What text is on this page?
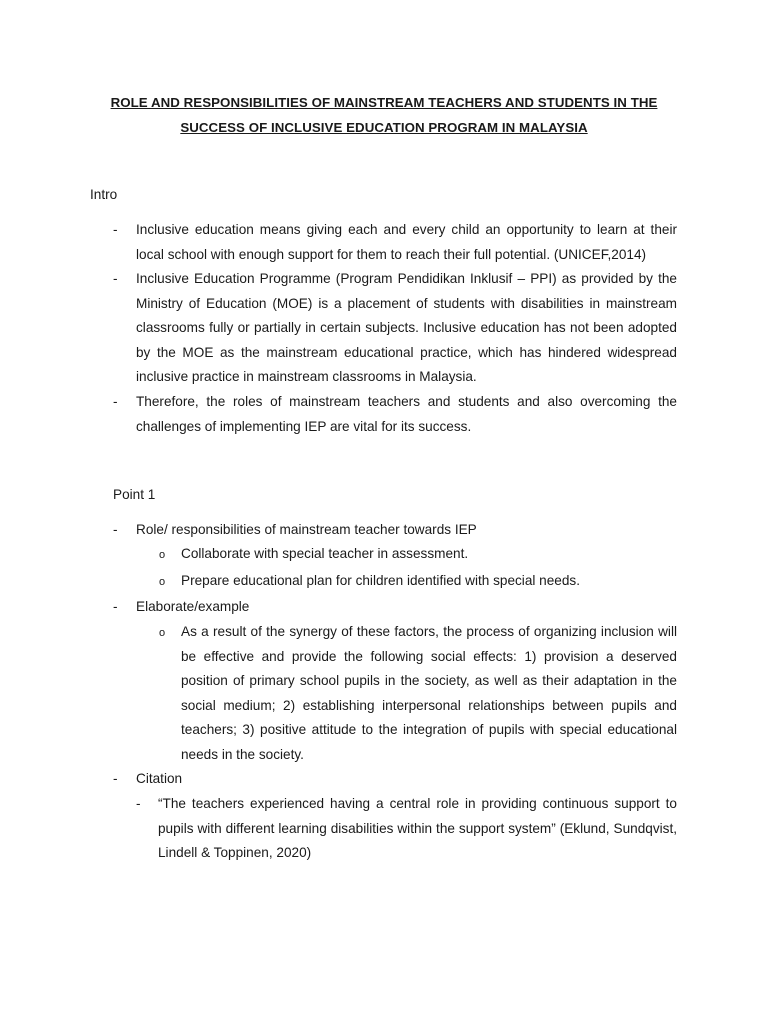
ROLE AND RESPONSIBILITIES OF MAINSTREAM TEACHERS AND STUDENTS IN THE SUCCESS OF INCLUSIVE EDUCATION PROGRAM IN MALAYSIA
Intro
- Inclusive education means giving each and every child an opportunity to learn at their local school with enough support for them to reach their full potential. (UNICEF,2014)
- Inclusive Education Programme (Program Pendidikan Inklusif – PPI) as provided by the Ministry of Education (MOE) is a placement of students with disabilities in mainstream classrooms fully or partially in certain subjects. Inclusive education has not been adopted by the MOE as the mainstream educational practice, which has hindered widespread inclusive practice in mainstream classrooms in Malaysia.
- Therefore, the roles of mainstream teachers and students and also overcoming the challenges of implementing IEP are vital for its success.
Point 1
- Role/ responsibilities of mainstream teacher towards IEP
o Collaborate with special teacher in assessment.
o Prepare educational plan for children identified with special needs.
- Elaborate/example
o As a result of the synergy of these factors, the process of organizing inclusion will be effective and provide the following social effects: 1) provision a deserved position of primary school pupils in the society, as well as their adaptation in the social medium; 2) establishing interpersonal relationships between pupils and teachers; 3) positive attitude to the integration of pupils with special educational needs in the society.
- Citation
- “The teachers experienced having a central role in providing continuous support to pupils with different learning disabilities within the support system” (Eklund, Sundqvist, Lindell & Toppinen, 2020)
